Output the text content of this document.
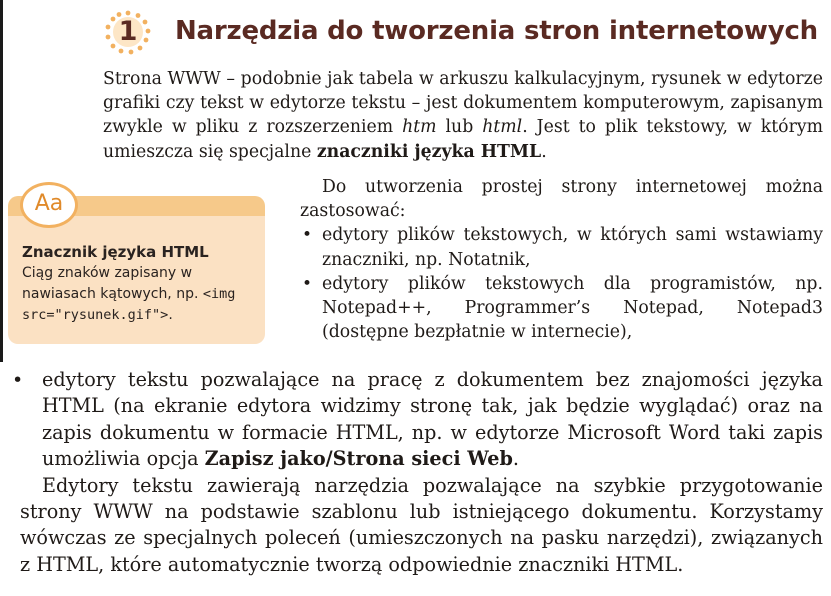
1	Narzędzia do tworzenia stron internetowych

Strona WWW – podobnie jak tabela w arkuszu kalkulacyjnym, rysunek w edytorze grafiki czy tekst w edytorze tekstu – jest dokumentem komputerowym, zapisanym zwykle w pliku z rozszerzeniem htm lub html. Jest to plik tekstowy, w którym umieszcza się specjalne znaczniki języka HTML.

Aa
Znacznik języka HTML
Ciąg znaków zapisany w nawiasach kątowych, np. <img src="rysunek.gif">.

Do utworzenia prostej strony internetowej można zastosować:

• edytory plików tekstowych, w których sami wstawiamy znaczniki, np. Notatnik,
• edytory plików tekstowych dla programistów, np. Notepad++, Programmer’s Notepad, Notepad3 (dostępne bezpłatnie w internecie),
• edytory tekstu pozwalające na pracę z dokumentem bez znajomości języka HTML (na ekranie edytora widzimy stronę tak, jak będzie wyglądać) oraz na zapis dokumentu w formacie HTML, np. w edytorze Microsoft Word taki zapis umożliwia opcja Zapisz jako/Strona sieci Web.

Edytory tekstu zawierają narzędzia pozwalające na szybkie przygotowanie strony WWW na podstawie szablonu lub istniejącego dokumentu. Korzystamy wówczas ze specjalnych poleceń (umieszczonych na pasku narzędzi), związanych z HTML, które automatycznie tworzą odpowiednie znaczniki HTML.
